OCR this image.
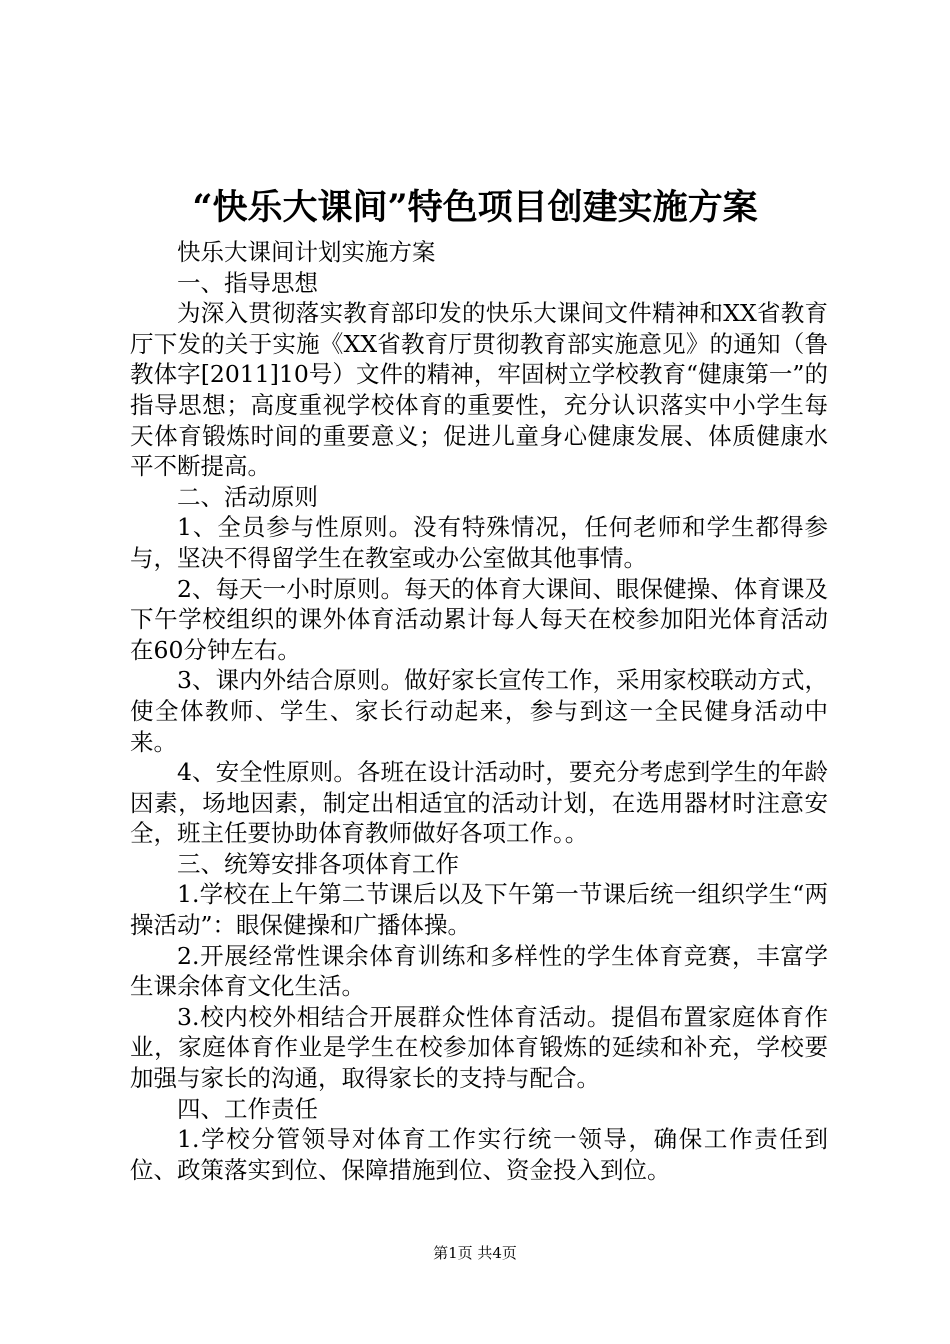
“快乐大课间”特色项目创建实施方案

快乐大课间计划实施方案

一、指导思想

为深入贯彻落实教育部印发的快乐大课间文件精神和XX省教育厅下发的关于实施《XX省教育厅贯彻教育部实施意见》的通知（鲁教体字[2011]10号）文件的精神，牢固树立学校教育“健康第一”的指导思想；高度重视学校体育的重要性，充分认识落实中小学生每天体育锻炼时间的重要意义；促进儿童身心健康发展、体质健康水平不断提高。

二、活动原则

1、全员参与性原则。没有特殊情况，任何老师和学生都得参与，坚决不得留学生在教室或办公室做其他事情。

2、每天一小时原则。每天的体育大课间、眼保健操、体育课及下午学校组织的课外体育活动累计每人每天在校参加阳光体育活动在60分钟左右。

3、课内外结合原则。做好家长宣传工作，采用家校联动方式，使全体教师、学生、家长行动起来，参与到这一全民健身活动中来。

4、安全性原则。各班在设计活动时，要充分考虑到学生的年龄因素，场地因素，制定出相适宜的活动计划，在选用器材时注意安全，班主任要协助体育教师做好各项工作。。

三、统筹安排各项体育工作

1.学校在上午第二节课后以及下午第一节课后统一组织学生“两操活动”：眼保健操和广播体操。

2.开展经常性课余体育训练和多样性的学生体育竞赛，丰富学生课余体育文化生活。

3.校内校外相结合开展群众性体育活动。提倡布置家庭体育作业，家庭体育作业是学生在校参加体育锻炼的延续和补充，学校要加强与家长的沟通，取得家长的支持与配合。

四、工作责任

1.学校分管领导对体育工作实行统一领导，确保工作责任到位、政策落实到位、保障措施到位、资金投入到位。

第1页 共4页
